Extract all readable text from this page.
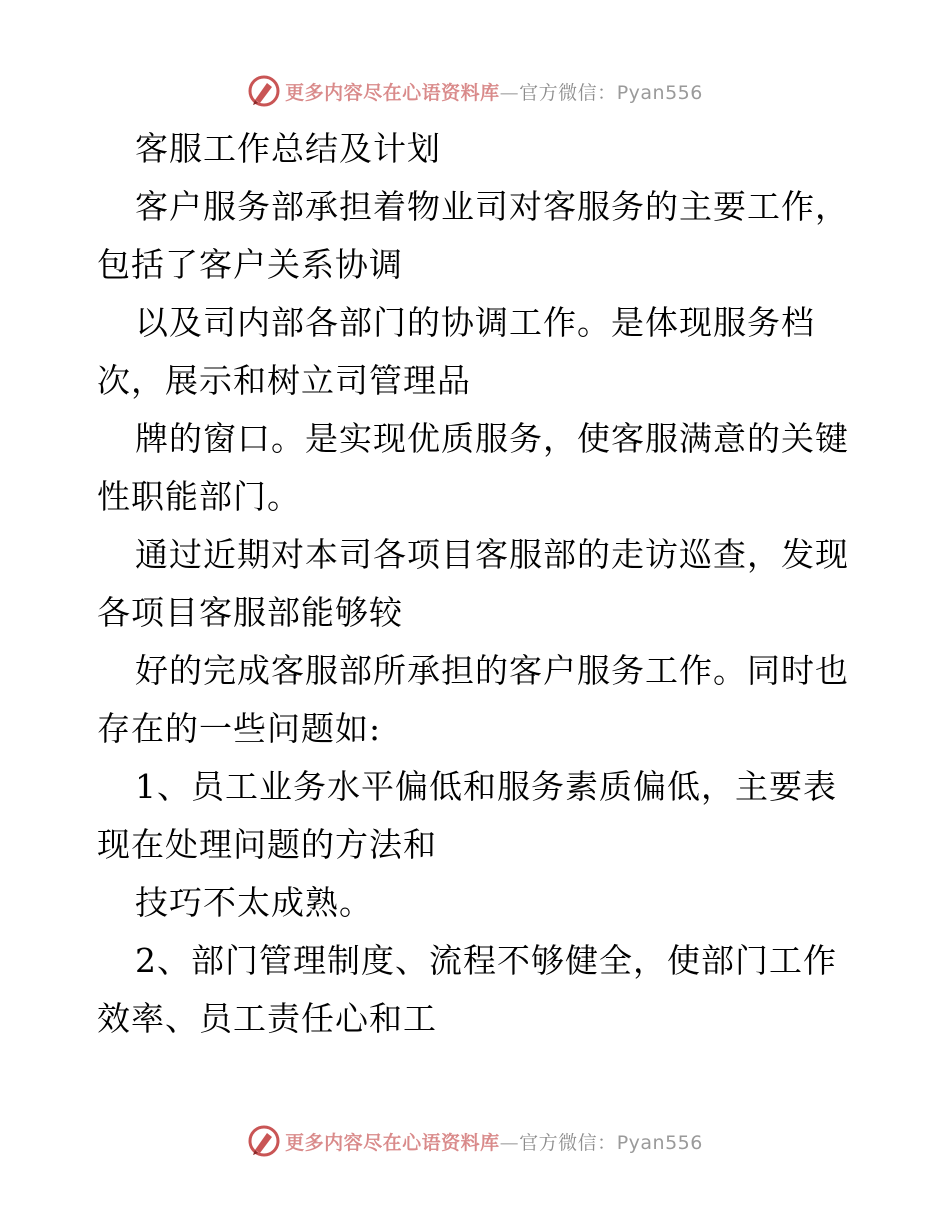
更多内容尽在心语资料库—官方微信：Pyan556
客服工作总结及计划
客户服务部承担着物业司对客服务的主要工作，
包括了客户关系协调
以及司内部各部门的协调工作。是体现服务档
次，展示和树立司管理品
牌的窗口。是实现优质服务，使客服满意的关键
性职能部门。
通过近期对本司各项目客服部的走访巡查，发现
各项目客服部能够较
好的完成客服部所承担的客户服务工作。同时也
存在的一些问题如:
1、员工业务水平偏低和服务素质偏低，主要表
现在处理问题的方法和
技巧不太成熟。
2、部门管理制度、流程不够健全，使部门工作
效率、员工责任心和工
更多内容尽在心语资料库—官方微信：Pyan556
